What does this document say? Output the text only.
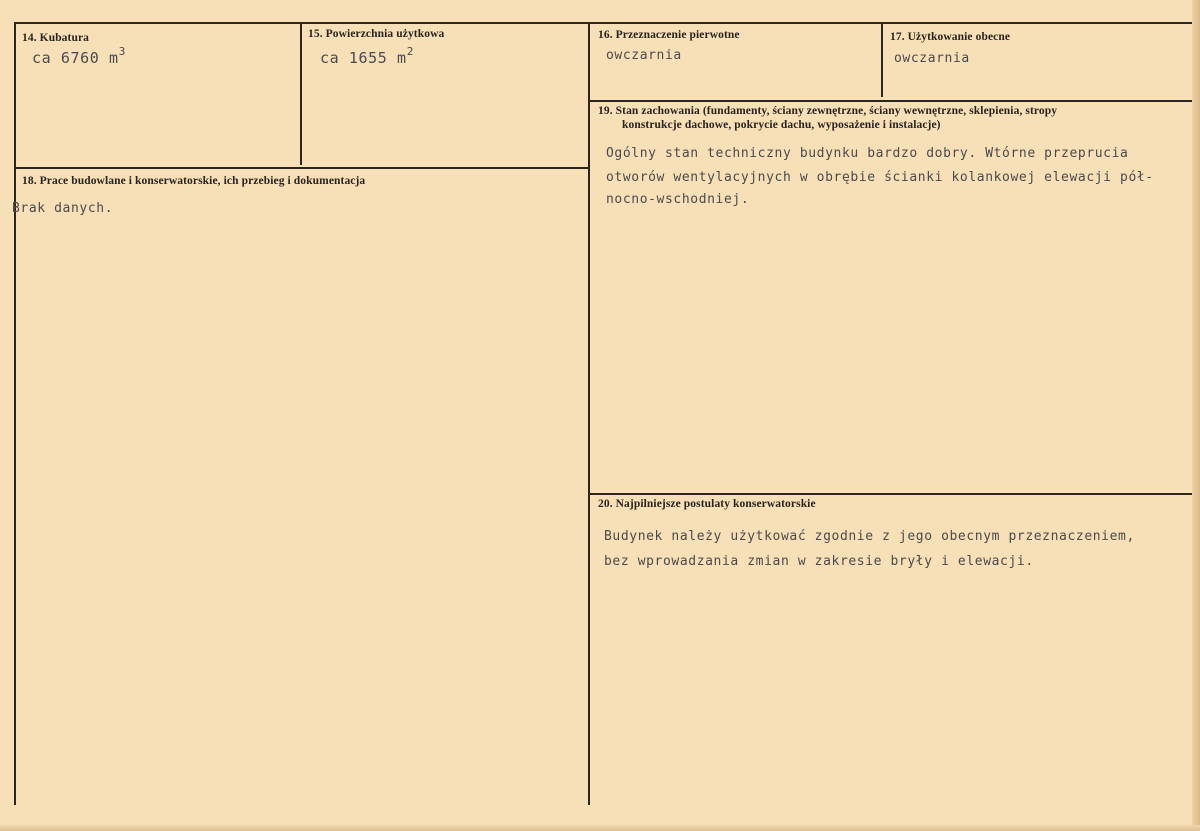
14. Kubatura
ca 6760 $m^3$
15. Powierzchnia użytkowa
ca 1655 $m^2$
16. Przeznaczenie pierwotne
owczarnia
17. Użytkowanie obecne
owczarnia
19. Stan zachowania (fundamenty, ściany zewnętrzne, ściany wewnętrzne, sklepienia, stropy
konstrukcje dachowe, pokrycie dachu, wyposażenie i instalacje)
Ogólny stan techniczny budynku bardzo dobry. Wtórne przeprucia
otworów wentylacyjnych w obrębie ścianki kolankowej elewacji pół-
nocno-wschodniej.
18. Prace budowlane i konserwatorskie, ich przebieg i dokumentacja
Brak danych.
20. Najpilniejsze postulaty konserwatorskie
Budynek należy użytkować zgodnie z jego obecnym przeznaczeniem,
bez wprowadzania zmian w zakresie bryły i elewacji.
